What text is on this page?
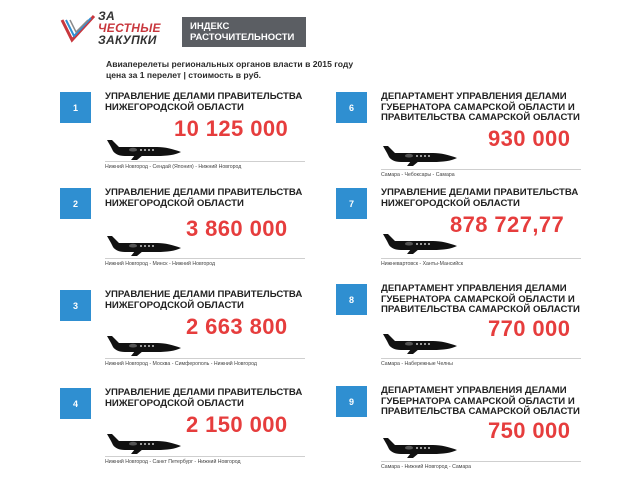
ЗА
ЧЕСТНЫЕ
ЗАКУПКИ
ИНДЕКС
РАСТОЧИТЕЛЬНОСТИ
Авиаперелеты региональных органов власти в 2015 году
цена за 1 перелет | стоимость в руб.
1
УПРАВЛЕНИЕ ДЕЛАМИ ПРАВИТЕЛЬСТВА НИЖЕГОРОДСКОЙ ОБЛАСТИ
10 125 000
Нижний Новгород - Сендай (Япония) - Нижний Новгород
2
УПРАВЛЕНИЕ ДЕЛАМИ ПРАВИТЕЛЬСТВА НИЖЕГОРОДСКОЙ ОБЛАСТИ
3 860 000
Нижний Новгород - Минск - Нижний Новгород
3
УПРАВЛЕНИЕ ДЕЛАМИ ПРАВИТЕЛЬСТВА НИЖЕГОРОДСКОЙ ОБЛАСТИ
2 663 800
Нижний Новгород - Москва - Симферополь - Нижний Новгород
4
УПРАВЛЕНИЕ ДЕЛАМИ ПРАВИТЕЛЬСТВА НИЖЕГОРОДСКОЙ ОБЛАСТИ
2 150 000
Нижний Новгород - Санкт Петербург - Нижний Новгород
6
ДЕПАРТАМЕНТ УПРАВЛЕНИЯ ДЕЛАМИ ГУБЕРНАТОРА САМАРСКОЙ ОБЛАСТИ И ПРАВИТЕЛЬСТВА САМАРСКОЙ ОБЛАСТИ
930 000
Самара - Чебоксары - Самара
7
УПРАВЛЕНИЕ ДЕЛАМИ ПРАВИТЕЛЬСТВА НИЖЕГОРОДСКОЙ ОБЛАСТИ
878 727,77
Нижневартовск - Ханты-Мансийск
8
ДЕПАРТАМЕНТ УПРАВЛЕНИЯ ДЕЛАМИ ГУБЕРНАТОРА САМАРСКОЙ ОБЛАСТИ И ПРАВИТЕЛЬСТВА САМАРСКОЙ ОБЛАСТИ
770 000
Самара - Набережные Челны
9
ДЕПАРТАМЕНТ УПРАВЛЕНИЯ ДЕЛАМИ ГУБЕРНАТОРА САМАРСКОЙ ОБЛАСТИ И ПРАВИТЕЛЬСТВА САМАРСКОЙ ОБЛАСТИ
750 000
Самара - Нижний Новгород - Самара
